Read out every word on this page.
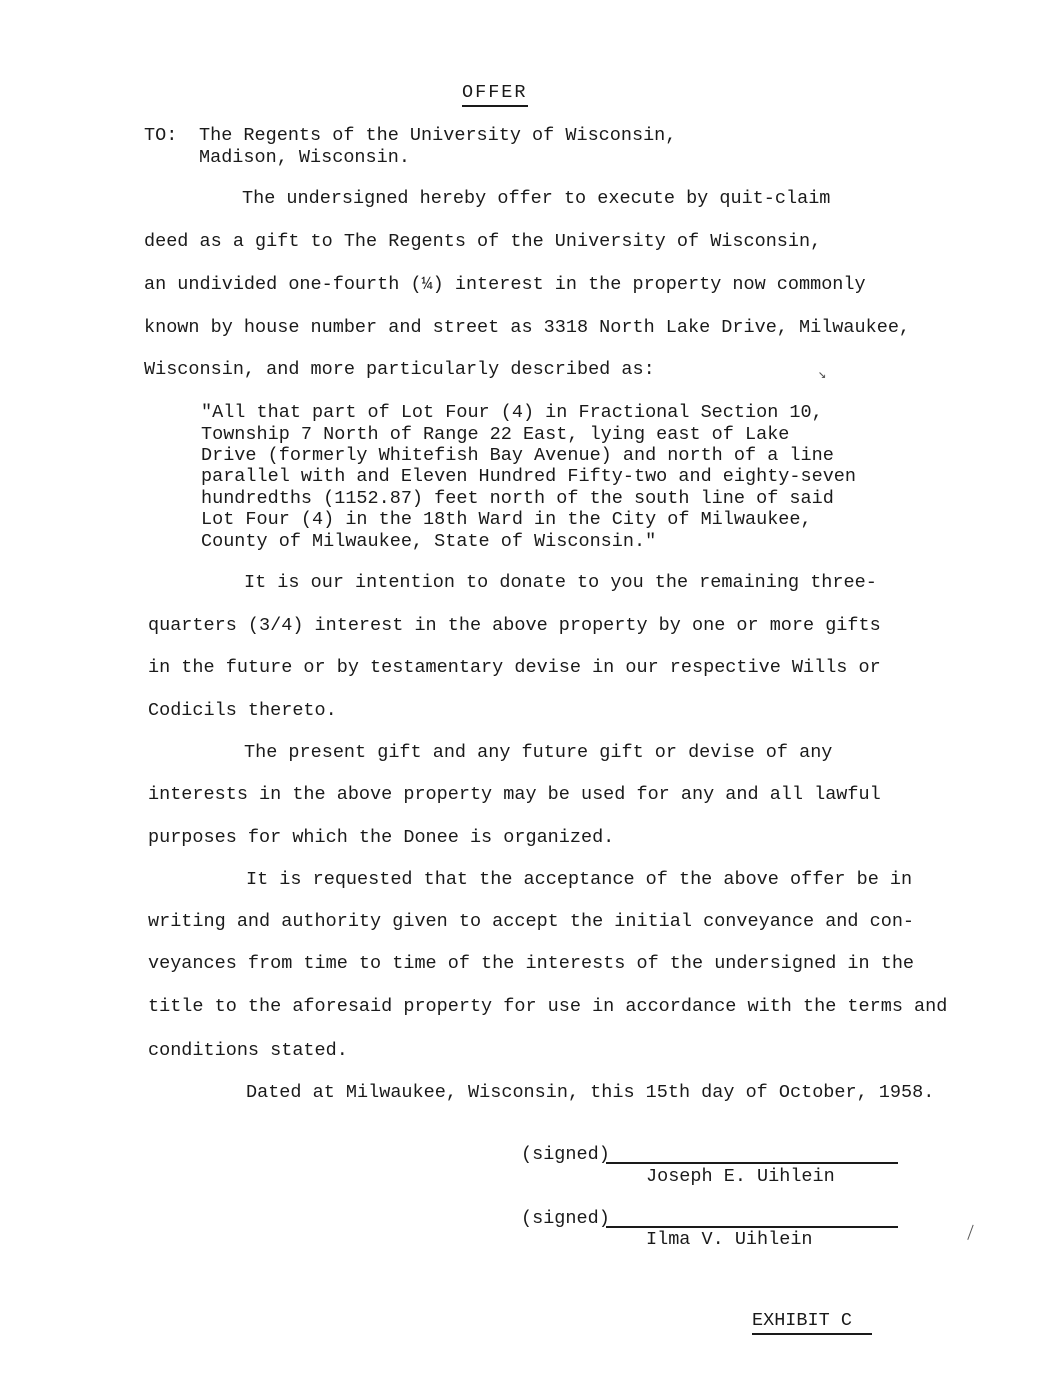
OFFER
TO: The Regents of the University of Wisconsin,
Madison, Wisconsin.
The undersigned hereby offer to execute by quit-claim
deed as a gift to The Regents of the University of Wisconsin,
an undivided one-fourth (¼) interest in the property now commonly
known by house number and street as 3318 North Lake Drive, Milwaukee,
Wisconsin, and more particularly described as:
"All that part of Lot Four (4) in Fractional Section 10,
Township 7 North of Range 22 East, lying east of Lake
Drive (formerly Whitefish Bay Avenue) and north of a line
parallel with and Eleven Hundred Fifty-two and eighty-seven
hundredths (1152.87) feet north of the south line of said
Lot Four (4) in the 18th Ward in the City of Milwaukee,
County of Milwaukee, State of Wisconsin."
It is our intention to donate to you the remaining three-
quarters (3/4) interest in the above property by one or more gifts
in the future or by testamentary devise in our respective Wills or
Codicils thereto.
The present gift and any future gift or devise of any
interests in the above property may be used for any and all lawful
purposes for which the Donee is organized.
It is requested that the acceptance of the above offer be in
writing and authority given to accept the initial conveyance and con-
veyances from time to time of the interests of the undersigned in the
title to the aforesaid property for use in accordance with the terms and
conditions stated.
Dated at Milwaukee, Wisconsin, this 15th day of October, 1958.
(signed)
Joseph E. Uihlein
(signed)
Ilma V. Uihlein
EXHIBIT C
↘
│
